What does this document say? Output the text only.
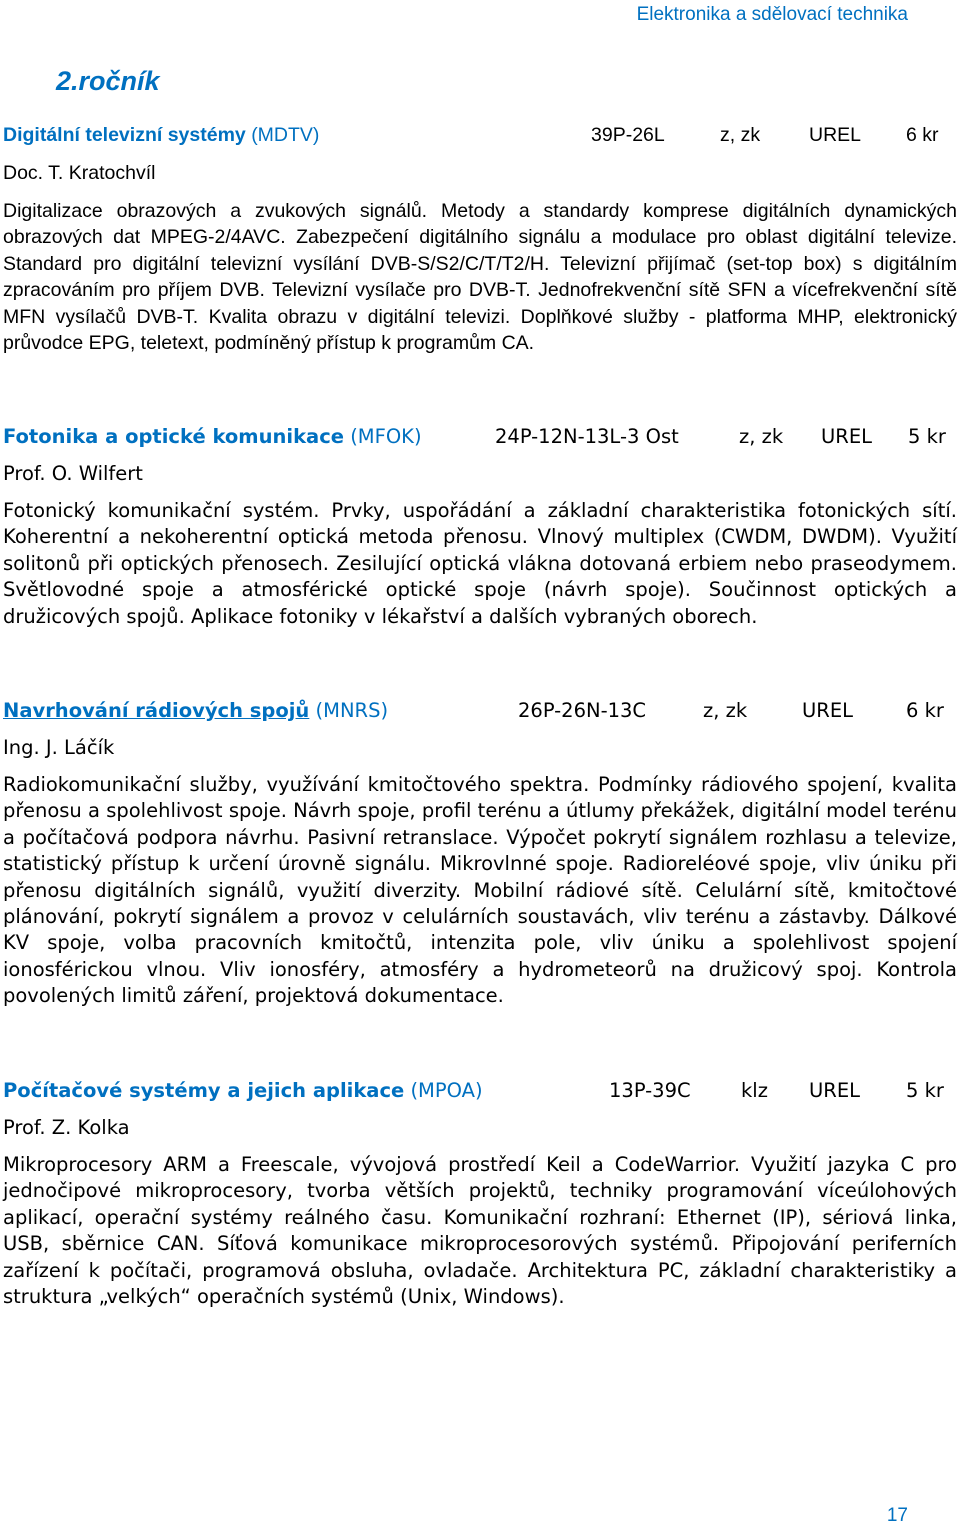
Elektronika a sdělovací technika
2.ročník
Digitální televizní systémy (MDTV)	39P-26L	z, zk	UREL 6 kr
Doc. T. Kratochvíl
Digitalizace obrazových a zvukových signálů. Metody a standardy komprese digitálních dynamických obrazových dat MPEG-2/4AVC. Zabezpečení digitálního signálu a modulace pro oblast digitální televize. Standard pro digitální televizní vysílání DVB-S/S2/C/T/T2/H. Televizní přijímač (set-top box) s digitálním zpracováním pro příjem DVB. Televizní vysílače pro DVB-T. Jednofrekvenční sítě SFN a vícefrekvenční sítě MFN vysílačů DVB-T. Kvalita obrazu v digitální televizi. Doplňkové služby - platforma MHP, elektronický průvodce EPG, teletext, podmíněný přístup k programům CA.
Fotonika a optické komunikace (MFOK)	24P-12N-13L-3 Ost	z, zk UREL 5 kr
Prof. O. Wilfert
Fotonický komunikační systém. Prvky, uspořádání a základní charakteristika fotonických sítí. Koherentní a nekoherentní optická metoda přenosu. Vlnový multiplex (CWDM, DWDM). Využití solitonů při optických přenosech. Zesilující optická vlákna dotovaná erbiem nebo praseodymem. Světlovodné spoje a atmosférické optické spoje (návrh spoje). Součinnost optických a družicových spojů. Aplikace fotoniky v lékařství a dalších vybraných oborech.
Navrhování rádiových spojů (MNRS)	26P-26N-13C	z, zk	UREL	6 kr
Ing. J. Láčík
Radiokomunikační služby, využívání kmitočtového spektra. Podmínky rádiového spojení, kvalita přenosu a spolehlivost spoje. Návrh spoje, profil terénu a útlumy překážek, digitální model terénu a počítačová podpora návrhu. Pasivní retranslace. Výpočet pokrytí signálem rozhlasu a televize, statistický přístup k určení úrovně signálu. Mikrovlnné spoje. Radioreléové spoje, vliv úniku při přenosu digitálních signálů, využití diverzity. Mobilní rádiové sítě. Celulární sítě, kmitočtové plánování, pokrytí signálem a provoz v celulárních soustavách, vliv terénu a zástavby. Dálkové KV spoje, volba pracovních kmitočtů, intenzita pole, vliv úniku a spolehlivost spojení ionosférickou vlnou. Vliv ionosféry, atmosféry a hydrometeorů na družicový spoj. Kontrola povolených limitů záření, projektová dokumentace.
Počítačové systémy a jejich aplikace (MPOA)	13P-39C	klz UREL 5 kr
Prof. Z. Kolka
Mikroprocesory ARM a Freescale, vývojová prostředí Keil a CodeWarrior. Využití jazyka C pro jednočipové mikroprocesory, tvorba větších projektů, techniky programování víceúlohových aplikací, operační systémy reálného času. Komunikační rozhraní: Ethernet (IP), sériová linka, USB, sběrnice CAN. Síťová komunikace mikroprocesorových systémů. Připojování periferních zařízení k počítači, programová obsluha, ovladače. Architektura PC, základní charakteristiky a struktura „velkých“ operačních systémů (Unix, Windows).
17
